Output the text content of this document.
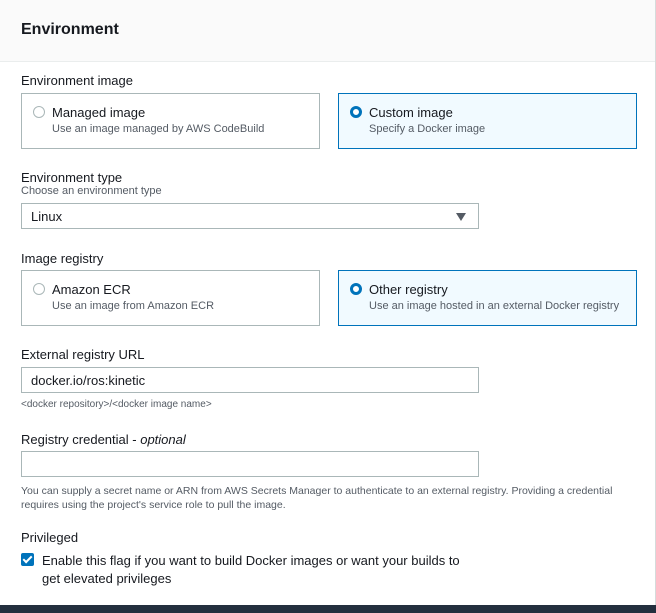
Environment
Environment image
Managed image
Use an image managed by AWS CodeBuild
Custom image
Specify a Docker image
Environment type
Choose an environment type
Linux
Image registry
Amazon ECR
Use an image from Amazon ECR
Other registry
Use an image hosted in an external Docker registry
External registry URL
docker.io/ros:kinetic
<docker repository>/<docker image name>
Registry credential - optional
You can supply a secret name or ARN from AWS Secrets Manager to authenticate to an external registry. Providing a credential
requires using the project's service role to pull the image.
Privileged
Enable this flag if you want to build Docker images or want your builds to
get elevated privileges
